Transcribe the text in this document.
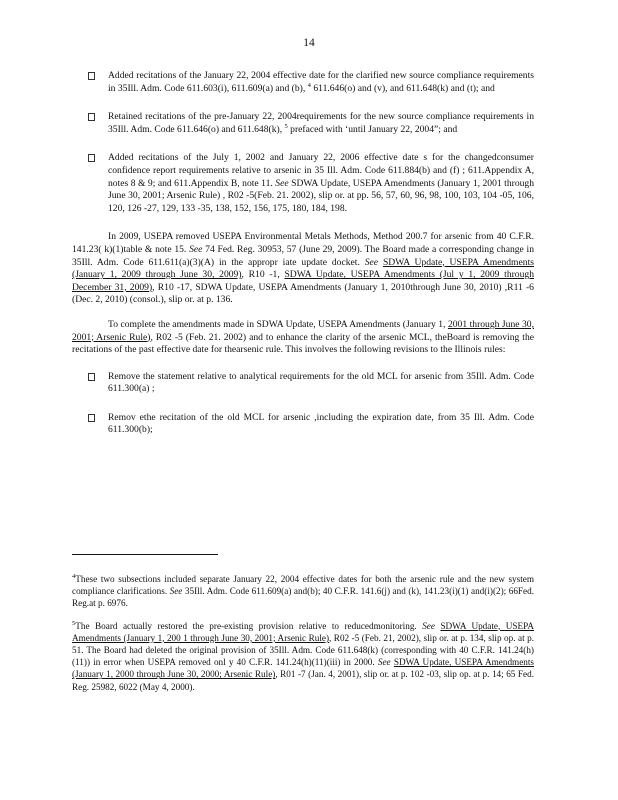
14
Added recitations of the January 22, 2004 effective date for the clarified new source compliance requirements in 35Ill. Adm. Code 611.603(i), 611.609(a) and (b), $^4$ 611.646(o) and (v), and 611.648(k) and (t); and
Retained recitations of the pre-January 22, 2004requirements for the new source compliance requirements in 35Ill. Adm. Code 611.646(o) and 611.648(k), $^5$ prefaced with ‘until January 22, 2004”; and
Added recitations of the July 1, 2002 and January 22, 2006 effective date s for the changedconsumer confidence report requirements relative to arsenic in 35 Ill. Adm. Code 611.884(b) and (f) ; 611.Appendix A, notes 8 & 9; and 611.Appendix B, note 11. See SDWA Update, USEPA Amendments (January 1, 2001 through June 30, 2001; Arsenic Rule) , R02 -5(Feb. 21. 2002), slip or. at pp. 56, 57, 60, 96, 98, 100, 103, 104 -05, 106, 120, 126 -27, 129, 133 -35, 138, 152, 156, 175, 180, 184, 198.
In 2009, USEPA removed USEPA Environmental Metals Methods, Method 200.7 for arsenic from 40 C.F.R. 141.23( k)(1)table & note 15. See 74 Fed. Reg. 30953, 57 (June 29, 2009). The Board made a corresponding change in 35Ill. Adm. Code 611.611(a)(3)(A) in the appropr iate update docket. See SDWA Update, USEPA Amendments (January 1, 2009 through June 30, 2009), R10 -1, SDWA Update, USEPA Amendments (Jul y 1, 2009 through December 31, 2009), R10 -17, SDWA Update, USEPA Amendments (January 1, 2010through June 30, 2010) ,R11 -6 (Dec. 2, 2010) (consol.), slip or. at p. 136.
To complete the amendments made in SDWA Update, USEPA Amendments (January 1, 2001 through June 30, 2001; Arsenic Rule), R02 -5 (Feb. 21. 2002) and to enhance the clarity of the arsenic MCL, theBoard is removing the recitations of the past effective date for thearsenic rule. This involves the following revisions to the Illinois rules:
Remove the statement relative to analytical requirements for the old MCL for arsenic from 35Ill. Adm. Code 611.300(a) ;
Remov ethe recitation of the old MCL for arsenic ,including the expiration date, from 35 Ill. Adm. Code 611.300(b);
$^4$These two subsections included separate January 22, 2004 effective dates for both the arsenic rule and the new system compliance clarifications. See 35Ill. Adm. Code 611.609(a) and(b); 40 C.F.R. 141.6(j) and (k), 141.23(i)(1) and(i)(2); 66Fed. Reg.at p. 6976.
$^5$The Board actually restored the pre-existing provision relative to reducedmonitoring. See SDWA Update, USEPA Amendments (January 1, 200 1 through June 30, 2001; Arsenic Rule), R02 -5 (Feb. 21, 2002), slip or. at p. 134, slip op. at p. 51. The Board had deleted the original provision of 35Ill. Adm. Code 611.648(k) (corresponding with 40 C.F.R. 141.24(h)(11)) in error when USEPA removed onl y 40 C.F.R. 141.24(h)(11)(iii) in 2000. See SDWA Update, USEPA Amendments (January 1, 2000 through June 30, 2000; Arsenic Rule), R01 -7 (Jan. 4, 2001), slip or. at p. 102 -03, slip op. at p. 14; 65 Fed. Reg. 25982, 6022 (May 4, 2000).
